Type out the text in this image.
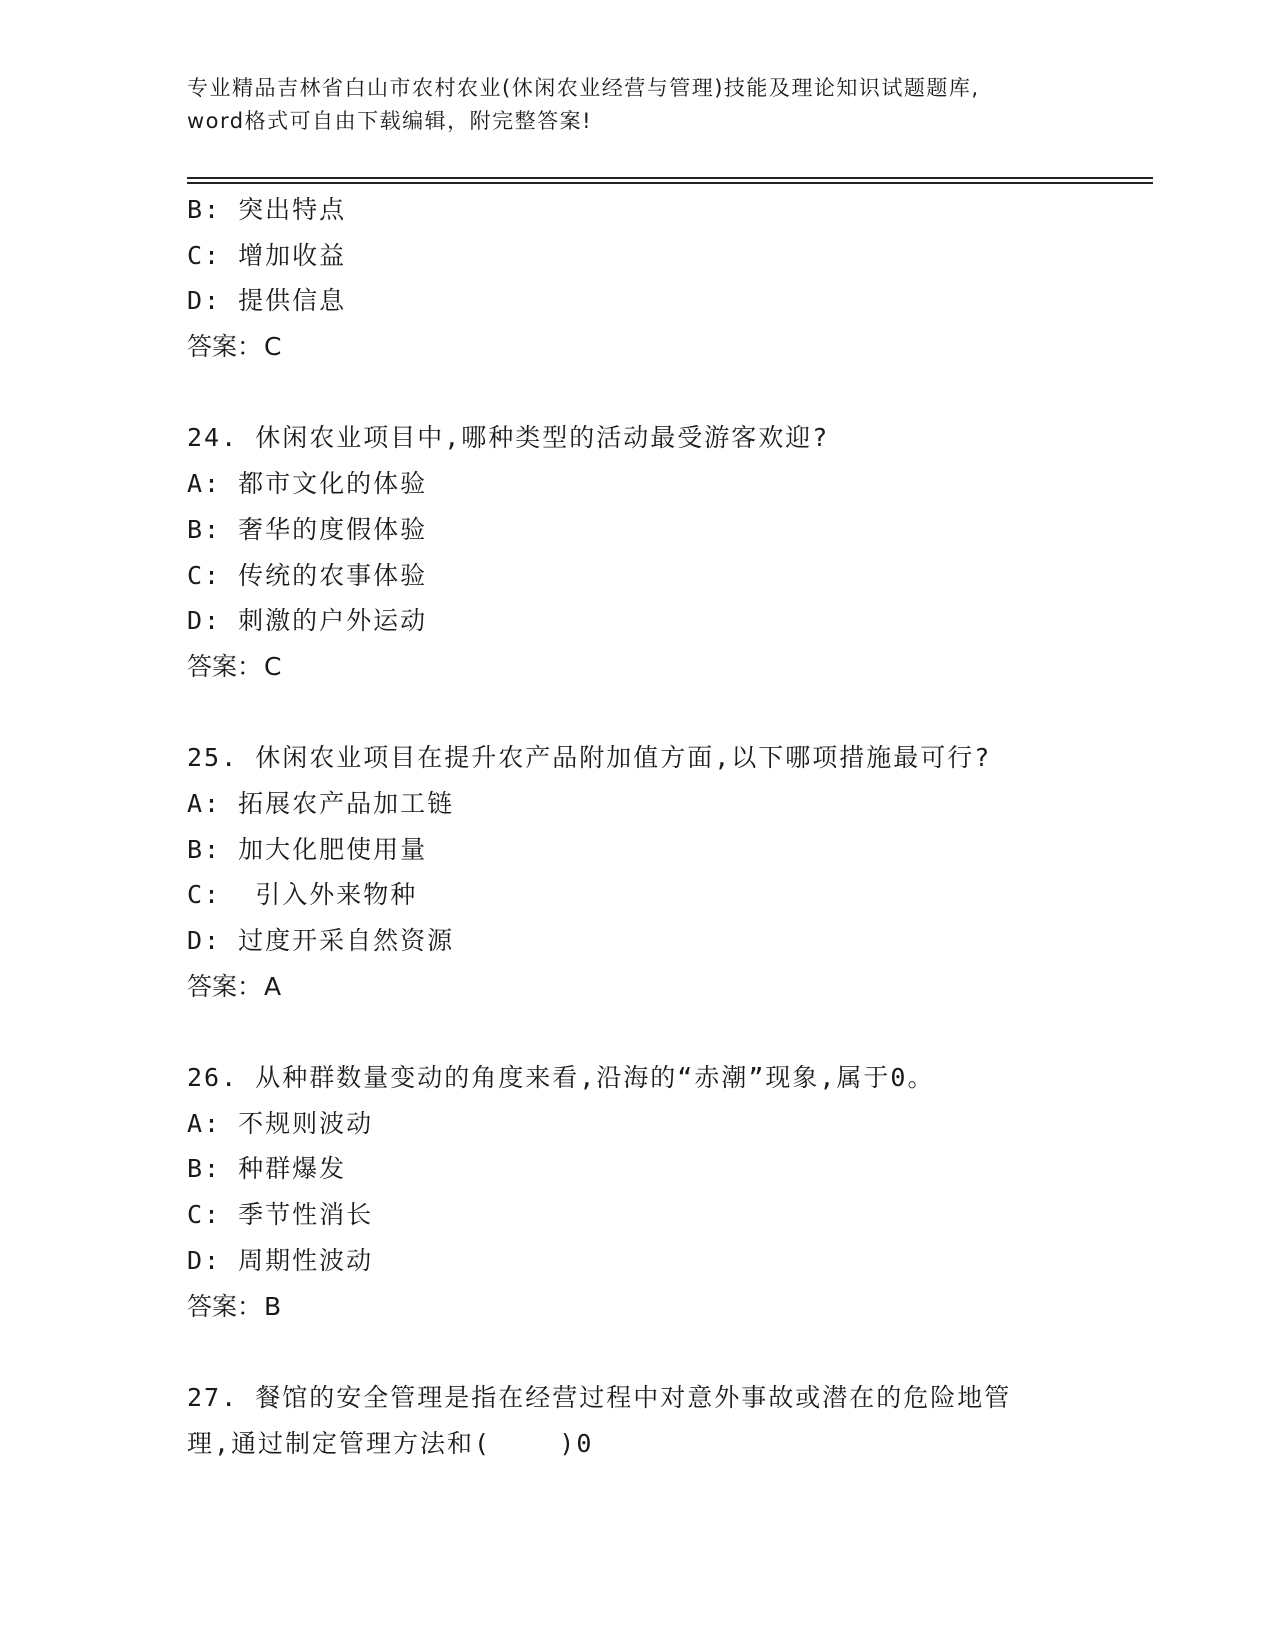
专业精品吉林省白山市农村农业(休闲农业经营与管理)技能及理论知识试题题库,
word格式可自由下载编辑，附完整答案!
B: 突出特点
C: 增加收益
D: 提供信息
答案：C
24. 休闲农业项目中,哪种类型的活动最受游客欢迎?
A: 都市文化的体验
B: 奢华的度假体验
C: 传统的农事体验
D: 刺激的户外运动
答案：C
25. 休闲农业项目在提升农产品附加值方面,以下哪项措施最可行?
A: 拓展农产品加工链
B: 加大化肥使用量
C:  引入外来物种
D: 过度开采自然资源
答案：A
26. 从种群数量变动的角度来看,沿海的“赤潮”现象,属于0。
A: 不规则波动
B: 种群爆发
C: 季节性消长
D: 周期性波动
答案：B
27. 餐馆的安全管理是指在经营过程中对意外事故或潜在的危险地管
理,通过制定管理方法和(    )0
